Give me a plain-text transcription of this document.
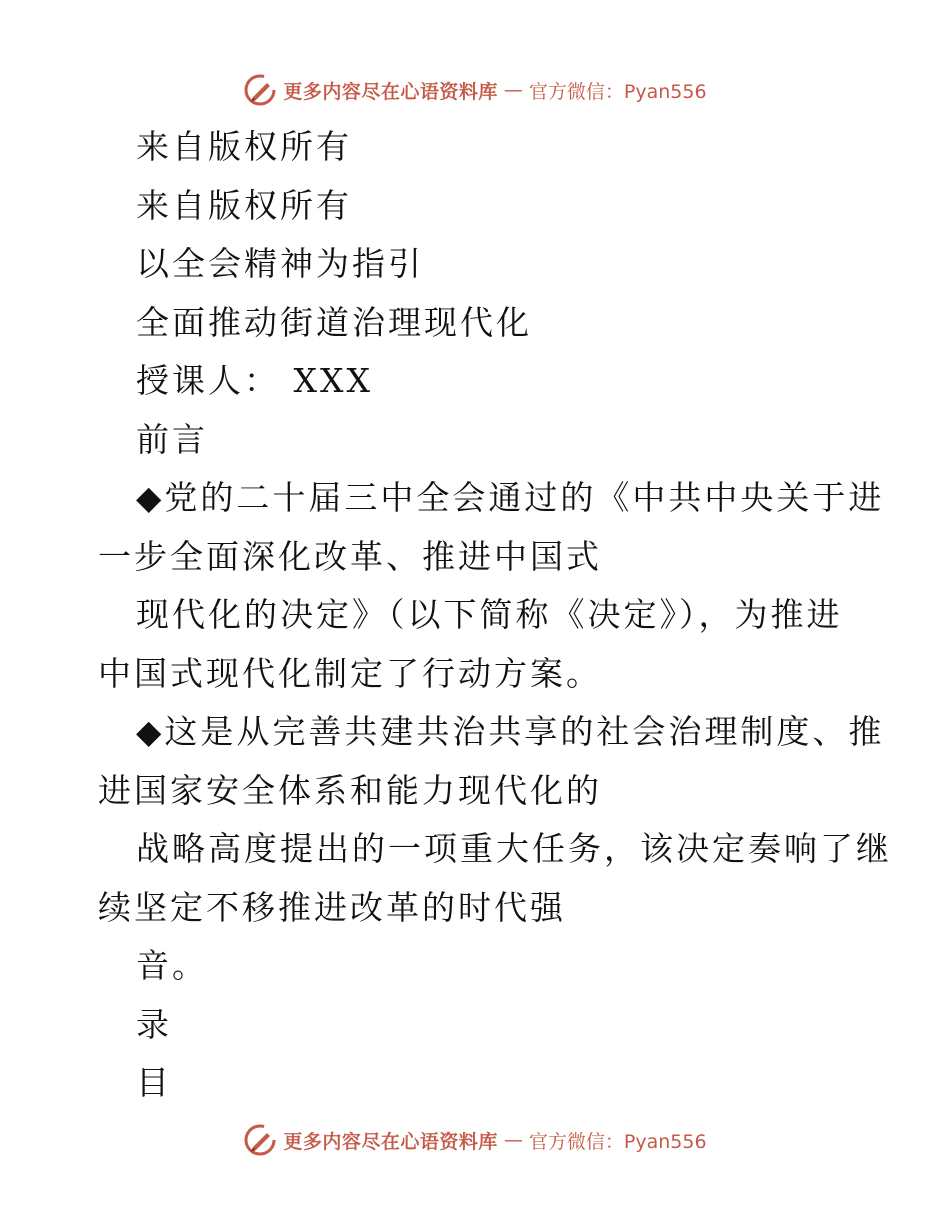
更多内容尽在心语资料库 — 官方微信：Pyan556
来自版权所有
来自版权所有
以全会精神为指引
全面推动街道治理现代化
授课人： XXX
前言
◆党的二十届三中全会通过的《中共中央关于进
一步全面深化改革、推进中国式
现代化的决定》（以下简称《决定》），为推进
中国式现代化制定了行动方案。
◆这是从完善共建共治共享的社会治理制度、推
进国家安全体系和能力现代化的
战略高度提出的一项重大任务，该决定奏响了继
续坚定不移推进改革的时代强
音。
录
目
更多内容尽在心语资料库 — 官方微信：Pyan556
